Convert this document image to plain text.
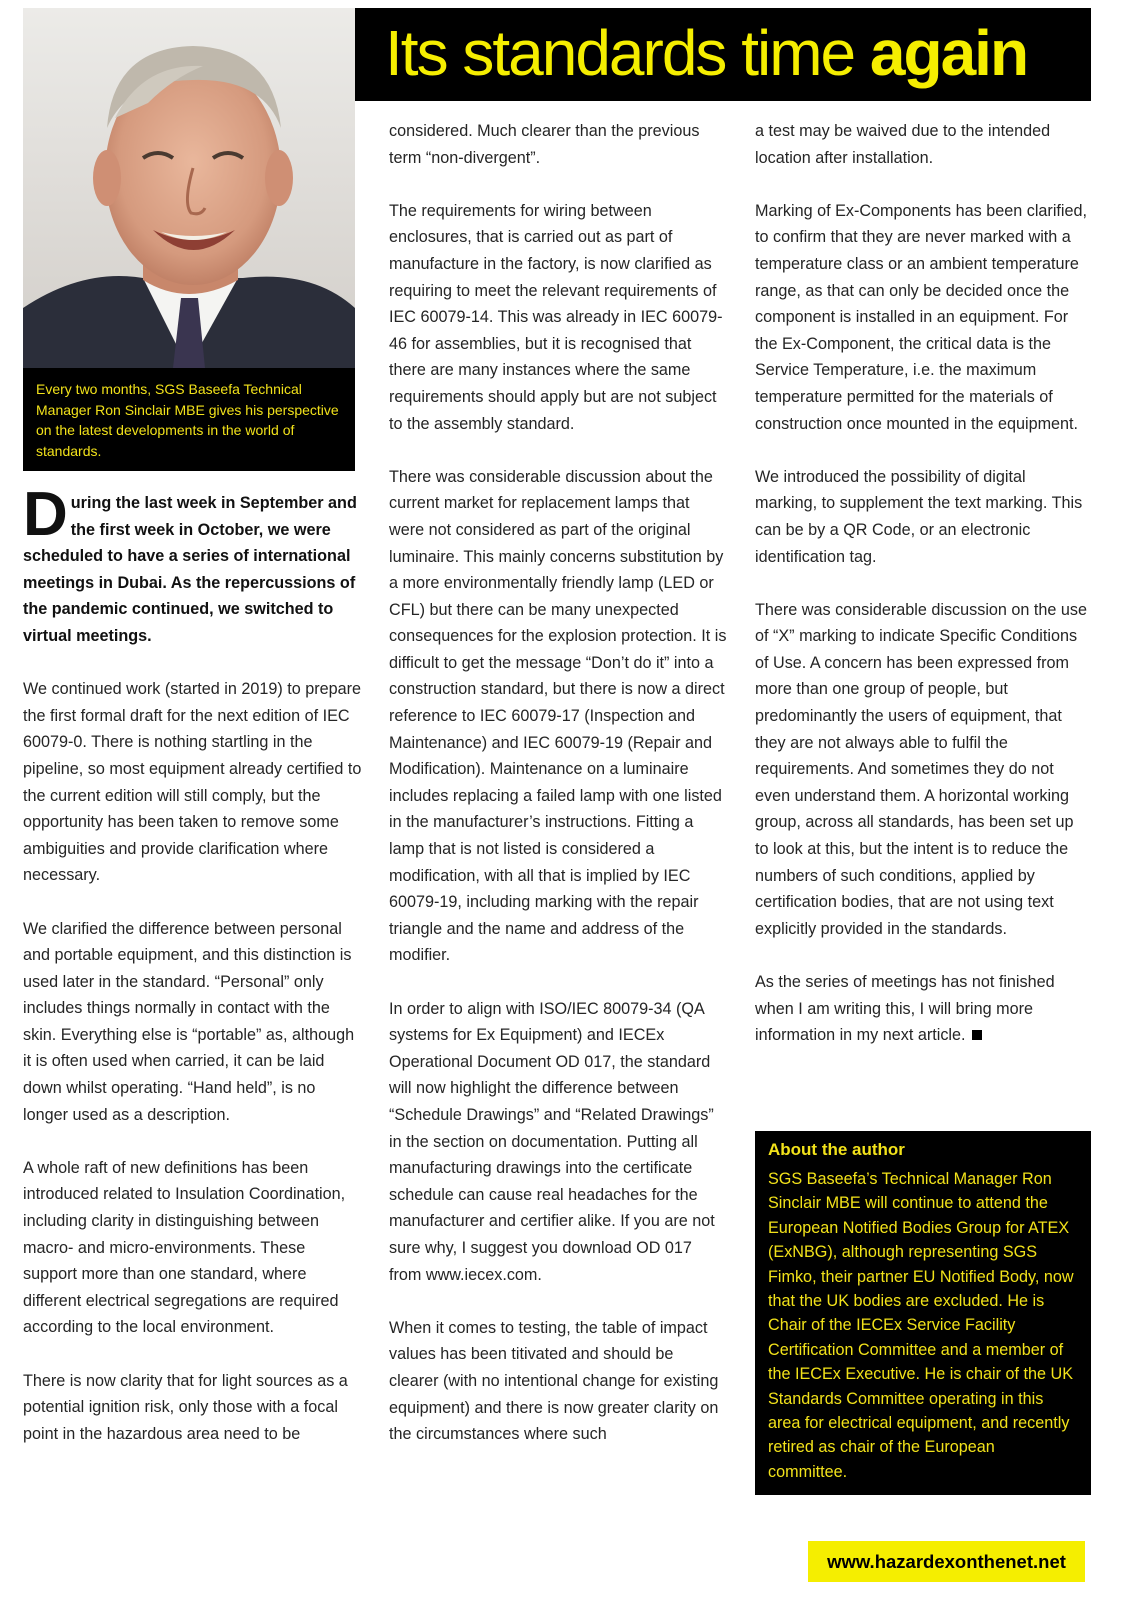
Every two months, SGS Baseefa Technical Manager Ron Sinclair MBE gives his perspective on the latest developments in the world of standards.
Its standards time again

During the last week in September and the first week in October, we were scheduled to have a series of international meetings in Dubai. As the repercussions of the pandemic continued, we switched to virtual meetings.

We continued work (started in 2019) to prepare the first formal draft for the next edition of IEC 60079-0. There is nothing startling in the pipeline, so most equipment already certified to the current edition will still comply, but the opportunity has been taken to remove some ambiguities and provide clarification where necessary.

We clarified the difference between personal and portable equipment, and this distinction is used later in the standard. “Personal” only includes things normally in contact with the skin. Everything else is “portable” as, although it is often used when carried, it can be laid down whilst operating. “Hand held”, is no longer used as a description.

A whole raft of new definitions has been introduced related to Insulation Coordination, including clarity in distinguishing between macro- and micro-environments. These support more than one standard, where different electrical segregations are required according to the local environment.

There is now clarity that for light sources as a potential ignition risk, only those with a focal point in the hazardous area need to be

considered. Much clearer than the previous term “non-divergent”.

The requirements for wiring between enclosures, that is carried out as part of manufacture in the factory, is now clarified as requiring to meet the relevant requirements of IEC 60079-14. This was already in IEC 60079-46 for assemblies, but it is recognised that there are many instances where the same requirements should apply but are not subject to the assembly standard.

There was considerable discussion about the current market for replacement lamps that were not considered as part of the original luminaire. This mainly concerns substitution by a more environmentally friendly lamp (LED or CFL) but there can be many unexpected consequences for the explosion protection. It is difficult to get the message “Don’t do it” into a construction standard, but there is now a direct reference to IEC 60079-17 (Inspection and Maintenance) and IEC 60079-19 (Repair and Modification). Maintenance on a luminaire includes replacing a failed lamp with one listed in the manufacturer’s instructions. Fitting a lamp that is not listed is considered a modification, with all that is implied by IEC 60079-19, including marking with the repair triangle and the name and address of the modifier.

In order to align with ISO/IEC 80079-34 (QA systems for Ex Equipment) and IECEx Operational Document OD 017, the standard will now highlight the difference between “Schedule Drawings” and “Related Drawings” in the section on documentation. Putting all manufacturing drawings into the certificate schedule can cause real headaches for the manufacturer and certifier alike. If you are not sure why, I suggest you download OD 017 from www.iecex.com.

When it comes to testing, the table of impact values has been titivated and should be clearer (with no intentional change for existing equipment) and there is now greater clarity on the circumstances where such

a test may be waived due to the intended location after installation.

Marking of Ex-Components has been clarified, to confirm that they are never marked with a temperature class or an ambient temperature range, as that can only be decided once the component is installed in an equipment. For the Ex-Component, the critical data is the Service Temperature, i.e. the maximum temperature permitted for the materials of construction once mounted in the equipment.

We introduced the possibility of digital marking, to supplement the text marking. This can be by a QR Code, or an electronic identification tag.

There was considerable discussion on the use of “X” marking to indicate Specific Conditions of Use. A concern has been expressed from more than one group of people, but predominantly the users of equipment, that they are not always able to fulfil the requirements. And sometimes they do not even understand them. A horizontal working group, across all standards, has been set up to look at this, but the intent is to reduce the numbers of such conditions, applied by certification bodies, that are not using text explicitly provided in the standards.

As the series of meetings has not finished when I am writing this, I will bring more information in my next article.

About the author
SGS Baseefa’s Technical Manager Ron Sinclair MBE will continue to attend the European Notified Bodies Group for ATEX (ExNBG), although representing SGS Fimko, their partner EU Notified Body, now that the UK bodies are excluded. He is Chair of the IECEx Service Facility Certification Committee and a member of the IECEx Executive. He is chair of the UK Standards Committee operating in this area for electrical equipment, and recently retired as chair of the European committee.
www.hazardexonthenet.net
